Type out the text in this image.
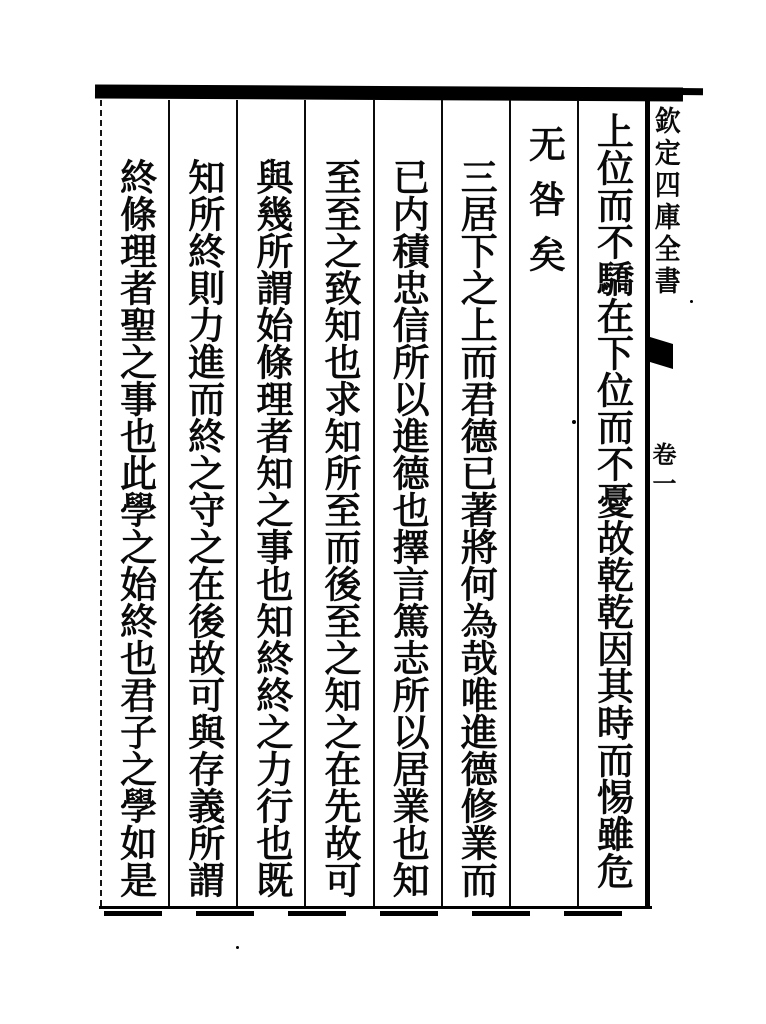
上位而不驕在下位而不憂故乾乾因其時而惕雖危
无咎矣
三居下之上而君德已著將何為哉唯進德修業而
已内積忠信所以進德也擇言篤志所以居業也知
至至之致知也求知所至而後至之知之在先故可
與幾所謂始條理者知之事也知終終之力行也既
知所終則力進而終之守之在後故可與存義所謂
終條理者聖之事也此學之始終也君子之學如是	欽定四庫全書
卷一
